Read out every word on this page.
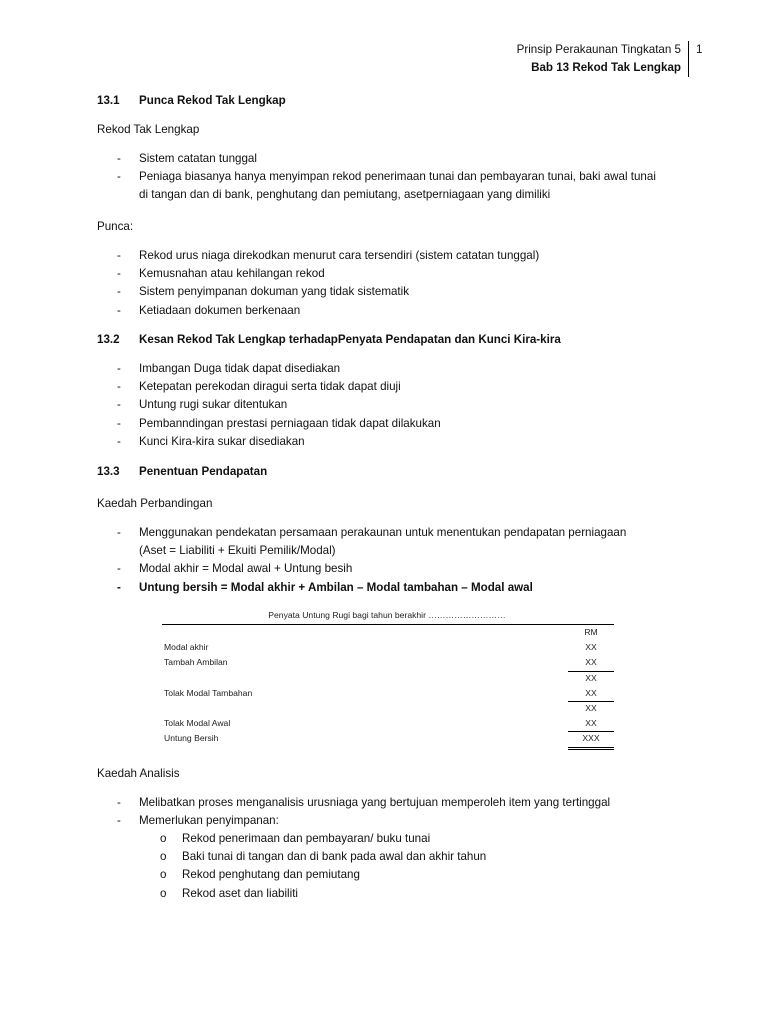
Prinsip Perakaunan Tingkatan 5
Bab 13 Rekod Tak Lengkap
1
13.1 Punca Rekod Tak Lengkap
Rekod Tak Lengkap
- Sistem catatan tunggal
- Peniaga biasanya hanya menyimpan rekod penerimaan tunai dan pembayaran tunai, baki awal tunai
di tangan dan di bank, penghutang dan pemiutang, asetperniagaan yang dimiliki
Punca:
- Rekod urus niaga direkodkan menurut cara tersendiri (sistem catatan tunggal)
- Kemusnahan atau kehilangan rekod
- Sistem penyimpanan dokuman yang tidak sistematik
- Ketiadaan dokumen berkenaan
13.2 Kesan Rekod Tak Lengkap terhadapPenyata Pendapatan dan Kunci Kira-kira
- Imbangan Duga tidak dapat disediakan
- Ketepatan perekodan diragui serta tidak dapat diuji
- Untung rugi sukar ditentukan
- Pembanndingan prestasi perniagaan tidak dapat dilakukan
- Kunci Kira-kira sukar disediakan
13.3 Penentuan Pendapatan
Kaedah Perbandingan
- Menggunakan pendekatan persamaan perakaunan untuk menentukan pendapatan perniagaan
(Aset = Liabiliti + Ekuiti Pemilik/Modal)
- Modal akhir = Modal awal + Untung besih
- Untung bersih = Modal akhir + Ambilan – Modal tambahan – Modal awal
Penyata Untung Rugi bagi tahun berakhir ………………………
RM
Modal akhir	XX
Tambah Ambilan	XX
XX
Tolak Modal Tambahan	XX
XX
Tolak Modal Awal	XX
Untung Bersih	XXX
Kaedah Analisis
- Melibatkan proses menganalisis urusniaga yang bertujuan memperoleh item yang tertinggal
- Memerlukan penyimpanan:
o Rekod penerimaan dan pembayaran/ buku tunai
o Baki tunai di tangan dan di bank pada awal dan akhir tahun
o Rekod penghutang dan pemiutang
o Rekod aset dan liabiliti
